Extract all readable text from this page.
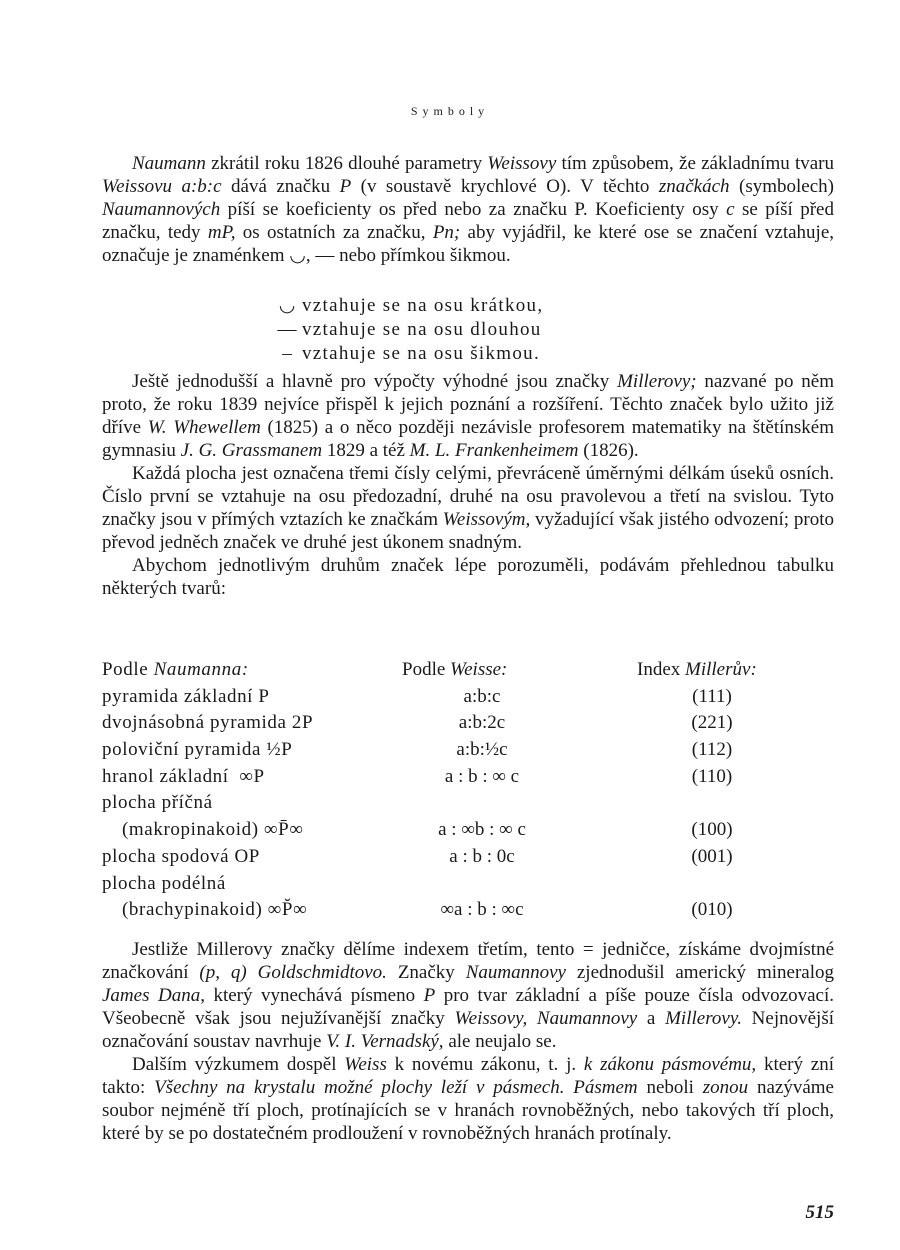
Symboly

Naumann zkrátil roku 1826 dlouhé parametry Weissovy tím způsobem, že základnímu tvaru Weissovu a:b:c dává značku P (v soustavě krychlové O). V těchto značkách (symbolech) Naumannových píší se koeficienty os před nebo za značku P. Koeficienty osy c se píší před značku, tedy mP, os ostatních za značku, Pn; aby vyjádřil, ke které ose se značení vztahuje, označuje je znaménkem ◡, — nebo přímkou šikmou.

◡ vztahuje se na osu krátkou,
— vztahuje se na osu dlouhou
‒ vztahuje se na osu šikmou.

Ještě jednodušší a hlavně pro výpočty výhodné jsou značky Millerovy; nazvané po něm proto, že roku 1839 nejvíce přispěl k jejich poznání a rozšíření. Těchto značek bylo užito již dříve W. Whewellem (1825) a o něco později nezávisle profesorem matematiky na štětínském gymnasiu J. G. Grassmanem 1829 a též M. L. Frankenheimem (1826).

Každá plocha jest označena třemi čísly celými, převráceně úměrnými délkám úseků osních. Číslo první se vztahuje na osu předozadní, druhé na osu pravolevou a třetí na svislou. Tyto značky jsou v přímých vztazích ke značkám Weissovým, vyžadující však jistého odvození; proto převod jedněch značek ve druhé jest úkonem snadným.

Abychom jednotlivým druhům značek lépe porozuměli, podávám přehlednou tabulku některých tvarů:

Podle Naumanna:	Podle Weisse:	Index Millerův:
pyramida základní P	a:b:c	(111)
dvojnásobná pyramida 2P	a:b:2c	(221)
poloviční pyramida ½P	a:b:½c	(112)
hranol základní  ∞P	a : b : ∞ c	(110)
plocha příčná
(makropinakoid) ∞P̄∞	a : ∞b : ∞ c	(100)
plocha spodová OP	a : b : 0c	(001)
plocha podélná
(brachypinakoid) ∞P̆∞	∞a : b : ∞c	(010)

Jestliže Millerovy značky dělíme indexem třetím, tento = jedničce, získáme dvojmístné značkování (p, q) Goldschmidtovo. Značky Naumannovy zjednodušil americký mineralog James Dana, který vynechává písmeno P pro tvar základní a píše pouze čísla odvozovací. Všeobecně však jsou nejužívanější značky Weissovy, Naumannovy a Millerovy. Nejnovější označování soustav navrhuje V. I. Vernadský, ale neujalo se.

Dalším výzkumem dospěl Weiss k novému zákonu, t. j. k zákonu pásmovému, který zní takto: Všechny na krystalu možné plochy leží v pásmech. Pásmem neboli zonou nazýváme soubor nejméně tří ploch, protínajících se v hranách rovnoběžných, nebo takových tří ploch, které by se po dostatečném prodloužení v rovnoběžných hranách protínaly.

515
